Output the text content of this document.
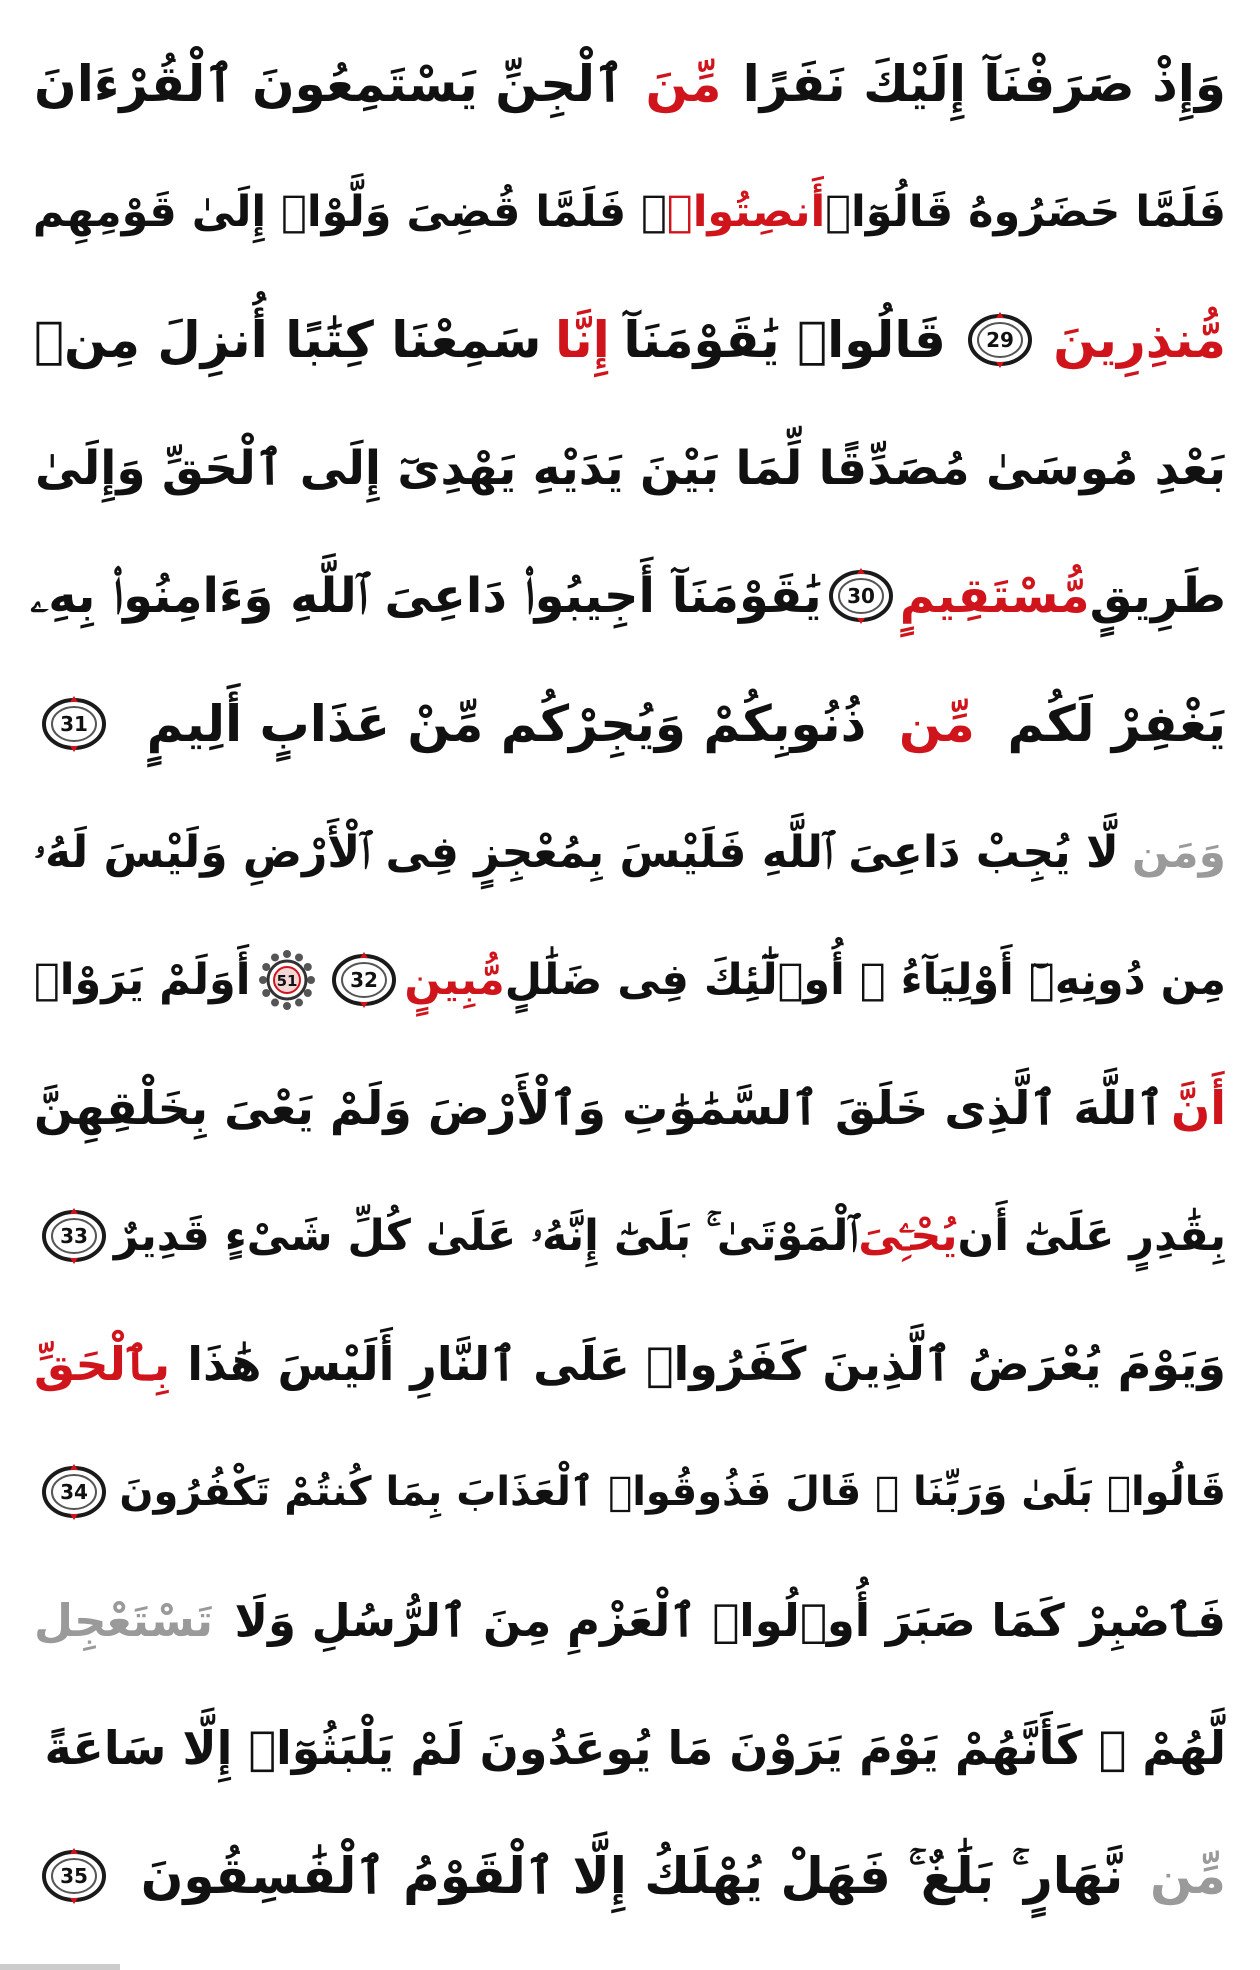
وَإِذْ صَرَفْنَآ إِلَيْكَ نَفَرًا
مِّنَ
ٱلْجِنِّ يَسْتَمِعُونَ ٱلْقُرْءَانَ
فَلَمَّا حَضَرُوهُ قَالُوٓا۟
أَنصِتُوا۟
ۖ فَلَمَّا قُضِىَ وَلَّوْا۟ إِلَىٰ قَوْمِهِم
مُّنذِرِينَ
29
قَالُوا۟ يَٰقَوْمَنَآ
إِنَّا
سَمِعْنَا كِتَٰبًا أُنزِلَ مِنۢ
بَعْدِ مُوسَىٰ مُصَدِّقًا لِّمَا بَيْنَ يَدَيْهِ يَهْدِىٓ إِلَى ٱلْحَقِّ وَإِلَىٰ
طَرِيقٍ
مُّسْتَقِيمٍ
30
يَٰقَوْمَنَآ أَجِيبُوا۟ دَاعِىَ ٱللَّهِ وَءَامِنُوا۟ بِهِۦ
يَغْفِرْ لَكُم
مِّن
ذُنُوبِكُمْ وَيُجِرْكُم مِّنْ عَذَابٍ أَلِيمٍ
31
وَمَن
لَّا يُجِبْ دَاعِىَ ٱللَّهِ فَلَيْسَ بِمُعْجِزٍ فِى ٱلْأَرْضِ وَلَيْسَ لَهُۥ
مِن دُونِهِۦٓ أَوْلِيَآءُ ۚ أُو۟لَٰٓئِكَ فِى ضَلَٰلٍ
مُّبِينٍ
32
51
أَوَلَمْ يَرَوْا۟
أَنَّ
ٱللَّهَ ٱلَّذِى خَلَقَ ٱلسَّمَٰوَٰتِ وَٱلْأَرْضَ وَلَمْ يَعْىَ بِخَلْقِهِنَّ
بِقَٰدِرٍ عَلَىٰٓ أَن
يُحْـِۧىَ
ٱلْمَوْتَىٰ ۚ بَلَىٰٓ إِنَّهُۥ عَلَىٰ كُلِّ شَىْءٍ قَدِيرٌ
33
وَيَوْمَ يُعْرَضُ ٱلَّذِينَ كَفَرُوا۟ عَلَى ٱلنَّارِ أَلَيْسَ هَٰذَا
بِٱلْحَقِّ
قَالُوا۟ بَلَىٰ وَرَبِّنَا ۚ قَالَ فَذُوقُوا۟ ٱلْعَذَابَ بِمَا كُنتُمْ تَكْفُرُونَ
34
فَٱصْبِرْ كَمَا صَبَرَ أُو۟لُوا۟ ٱلْعَزْمِ مِنَ ٱلرُّسُلِ وَلَا
تَسْتَعْجِل
لَّهُمْ ۚ كَأَنَّهُمْ يَوْمَ يَرَوْنَ مَا يُوعَدُونَ لَمْ يَلْبَثُوٓا۟ إِلَّا سَاعَةً
مِّن
نَّهَارٍ ۚ بَلَٰغٌ ۚ فَهَلْ يُهْلَكُ إِلَّا ٱلْقَوْمُ ٱلْفَٰسِقُونَ
35
